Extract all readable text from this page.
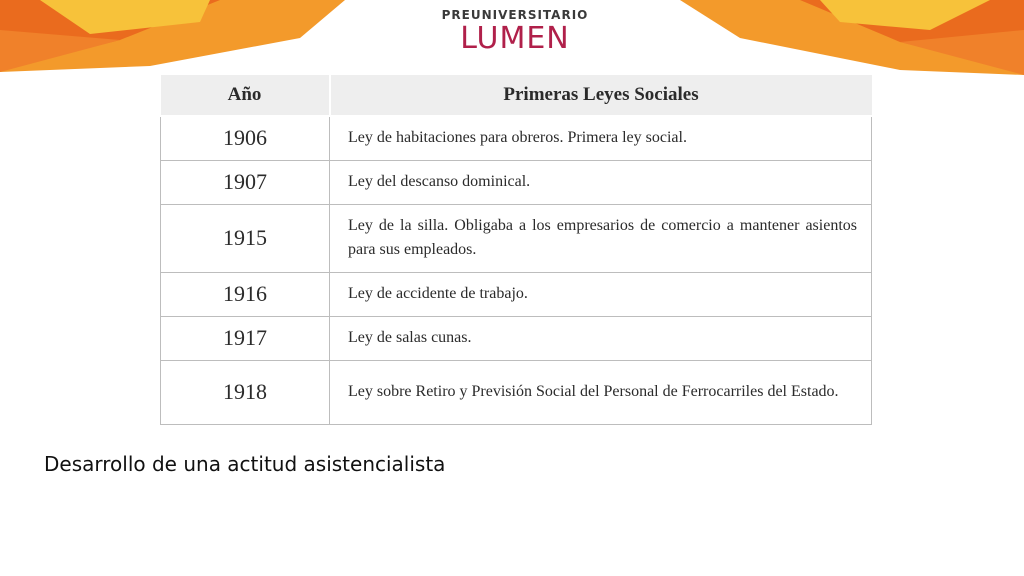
PREUNIVERSITARIO
LUMEN
Año	Primeras Leyes Sociales
1906	Ley de habitaciones para obreros. Primera ley social.
1907	Ley del descanso dominical.
1915	Ley de la silla. Obligaba a los empresarios de comercio a mantener asientos para sus empleados.
1916	Ley de accidente de trabajo.
1917	Ley de salas cunas.
1918	Ley sobre Retiro y Previsión Social del Personal de Ferrocarriles del Estado.
Desarrollo de una actitud asistencialista
